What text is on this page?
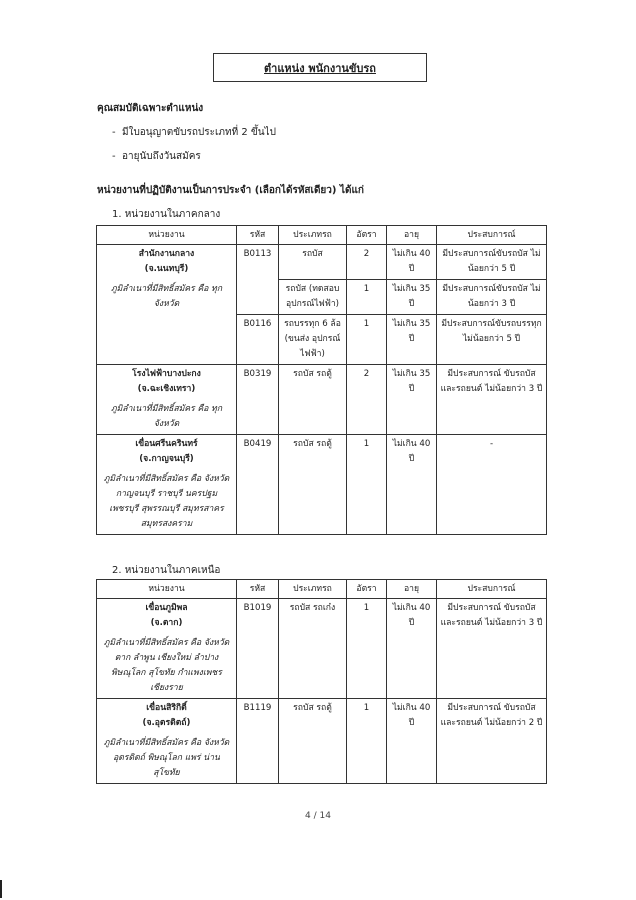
ตำแหน่ง พนักงานขับรถ
คุณสมบัติเฉพาะตำแหน่ง
-  มีใบอนุญาตขับรถประเภทที่ 2 ขึ้นไป
-  อายุนับถึงวันสมัคร
หน่วยงานที่ปฏิบัติงานเป็นการประจำ (เลือกได้รหัสเดียว) ได้แก่
1. หน่วยงานในภาคกลาง
หน่วยงาน	รหัส	ประเภทรถ	อัตรา	อายุ	ประสบการณ์

สำนักงานกลาง
(จ.นนทบุรี)
ภูมิลำเนาที่มีสิทธิ์สมัคร คือ ทุกจังหวัด	B0113	รถบัส	2	ไม่เกิน 40 ปี	มีประสบการณ์ขับรถบัส ไม่น้อยกว่า 5 ปี
		รถบัส (ทดสอบ อุปกรณ์ไฟฟ้า)	1	ไม่เกิน 35 ปี	มีประสบการณ์ขับรถบัส ไม่น้อยกว่า 3 ปี
	B0116	รถบรรทุก 6 ล้อ (ขนส่ง อุปกรณ์ไฟฟ้า)	1	ไม่เกิน 35 ปี	มีประสบการณ์ขับรถบรรทุก ไม่น้อยกว่า 5 ปี

โรงไฟฟ้าบางปะกง
(จ.ฉะเชิงเทรา)
ภูมิลำเนาที่มีสิทธิ์สมัคร คือ ทุกจังหวัด	B0319	รถบัส รถตู้	2	ไม่เกิน 35 ปี	มีประสบการณ์ ขับรถบัสและรถยนต์ ไม่น้อยกว่า 3 ปี

เขื่อนศรีนครินทร์
(จ.กาญจนบุรี)
ภูมิลำเนาที่มีสิทธิ์สมัคร คือ จังหวัด กาญจนบุรี ราชบุรี นครปฐม เพชรบุรี สุพรรณบุรี สมุทรสาคร สมุทรสงคราม	B0419	รถบัส รถตู้	1	ไม่เกิน 40 ปี	-
2. หน่วยงานในภาคเหนือ
หน่วยงาน	รหัส	ประเภทรถ	อัตรา	อายุ	ประสบการณ์

เขื่อนภูมิพล
(จ.ตาก)
ภูมิลำเนาที่มีสิทธิ์สมัคร คือ จังหวัด ตาก ลำพูน เชียงใหม่ ลำปาง พิษณุโลก สุโขทัย กำแพงเพชร เชียงราย	B1019	รถบัส รถเก๋ง	1	ไม่เกิน 40 ปี	มีประสบการณ์ ขับรถบัสและรถยนต์ ไม่น้อยกว่า 3 ปี

เขื่อนสิริกิติ์
(จ.อุตรดิตถ์)
ภูมิลำเนาที่มีสิทธิ์สมัคร คือ จังหวัด อุตรดิตถ์ พิษณุโลก แพร่ น่าน สุโขทัย	B1119	รถบัส รถตู้	1	ไม่เกิน 40 ปี	มีประสบการณ์ ขับรถบัสและรถยนต์ ไม่น้อยกว่า 2 ปี
4 / 14
